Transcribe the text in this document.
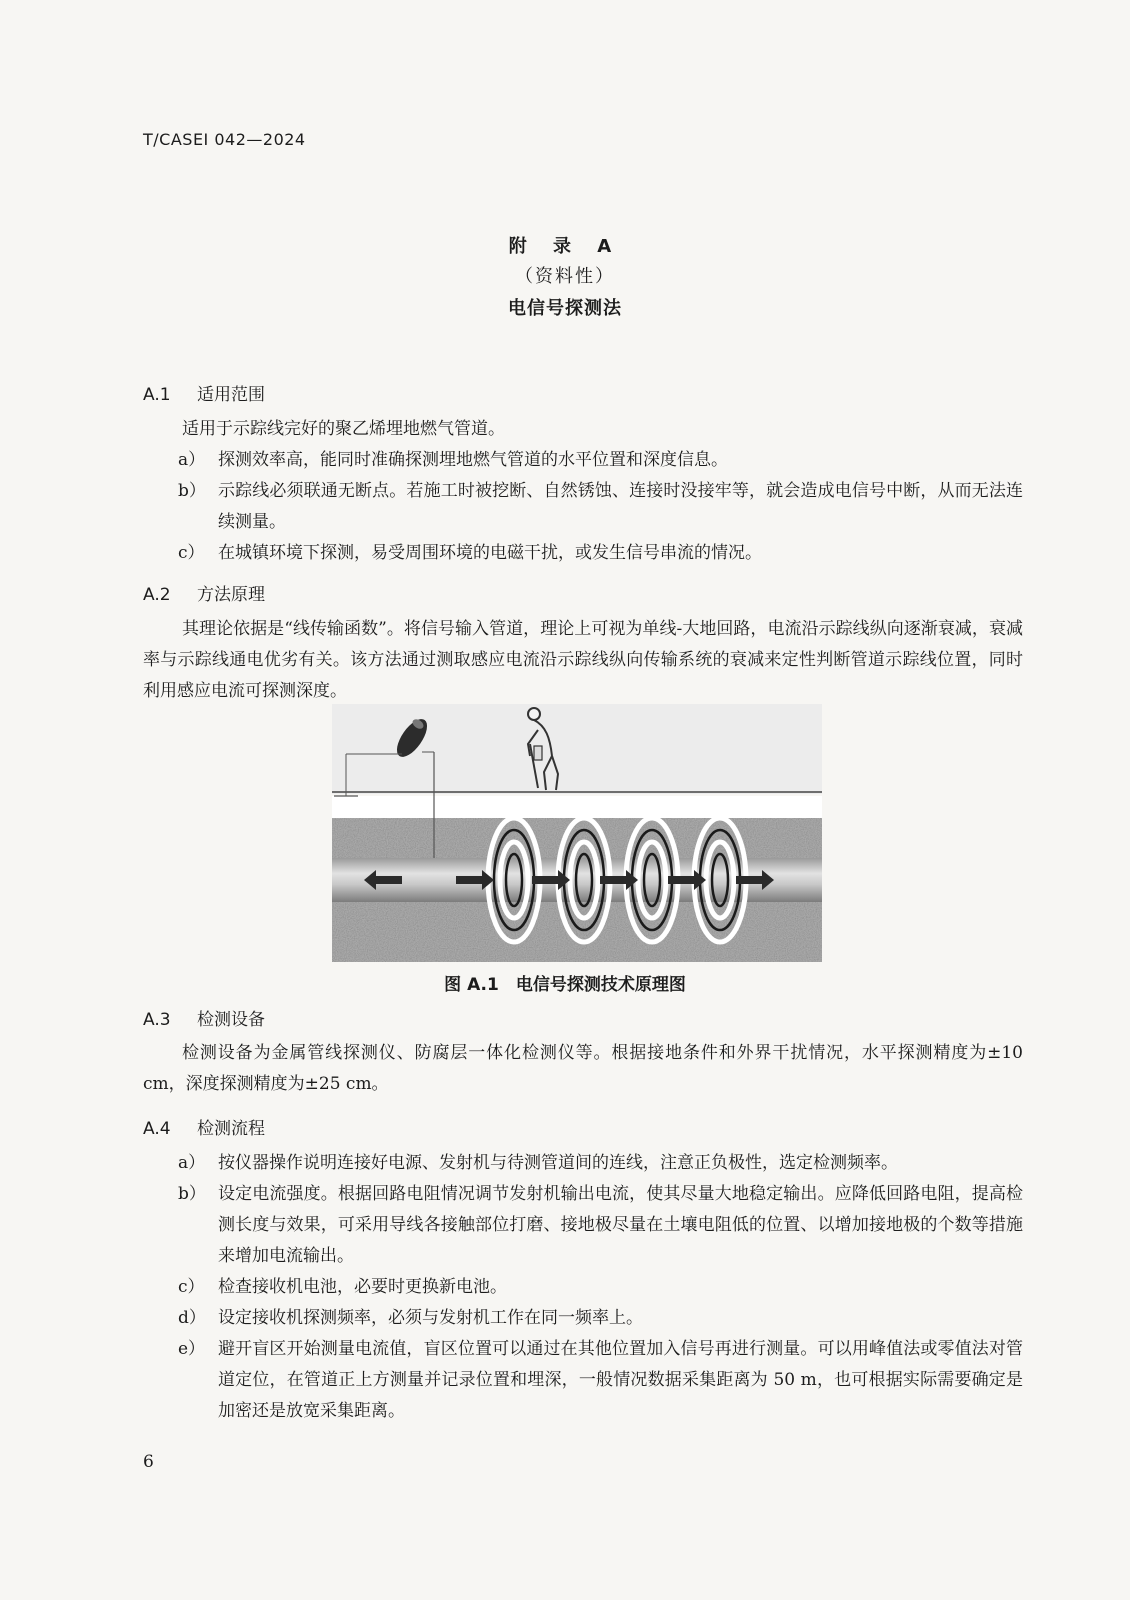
T/CASEI 042—2024
附 录 A
（资料性）
电信号探测法
A.1 适用范围
适用于示踪线完好的聚乙烯埋地燃气管道。
a） 探测效率高，能同时准确探测埋地燃气管道的水平位置和深度信息。
b） 示踪线必须联通无断点。若施工时被挖断、自然锈蚀、连接时没接牢等，就会造成电信号中断，从而无法连续测量。
c） 在城镇环境下探测，易受周围环境的电磁干扰，或发生信号串流的情况。
A.2 方法原理
其理论依据是“线传输函数”。将信号输入管道，理论上可视为单线-大地回路，电流沿示踪线纵向逐渐衰减，衰减率与示踪线通电优劣有关。该方法通过测取感应电流沿示踪线纵向传输系统的衰减来定性判断管道示踪线位置，同时利用感应电流可探测深度。
图 A.1　电信号探测技术原理图
A.3 检测设备
检测设备为金属管线探测仪、防腐层一体化检测仪等。根据接地条件和外界干扰情况，水平探测精度为±10 cm，深度探测精度为±25 cm。
A.4 检测流程
a） 按仪器操作说明连接好电源、发射机与待测管道间的连线，注意正负极性，选定检测频率。
b） 设定电流强度。根据回路电阻情况调节发射机输出电流，使其尽量大地稳定输出。应降低回路电阻，提高检测长度与效果，可采用导线各接触部位打磨、接地极尽量在土壤电阻低的位置、以增加接地极的个数等措施来增加电流输出。
c） 检查接收机电池，必要时更换新电池。
d） 设定接收机探测频率，必须与发射机工作在同一频率上。
e） 避开盲区开始测量电流值，盲区位置可以通过在其他位置加入信号再进行测量。可以用峰值法或零值法对管道定位，在管道正上方测量并记录位置和埋深，一般情况数据采集距离为 50 m，也可根据实际需要确定是加密还是放宽采集距离。
6
